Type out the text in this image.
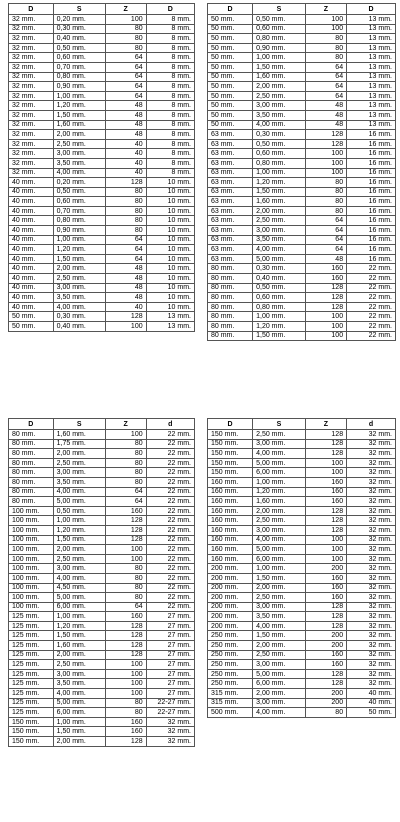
D	S	Z	D
32 mm.	0,20 mm.	100	8 mm.
32 mm.	0,30 mm.	80	8 mm.
32 mm.	0,40 mm.	80	8 mm.
32 mm.	0,50 mm.	80	8 mm.
32 mm.	0,60 mm.	64	8 mm.
32 mm.	0,70 mm.	64	8 mm.
32 mm.	0,80 mm.	64	8 mm.
32 mm.	0,90 mm.	64	8 mm.
32 mm.	1,00 mm.	64	8 mm.
32 mm.	1,20 mm.	48	8 mm.
32 mm.	1,50 mm.	48	8 mm.
32 mm.	1,60 mm.	48	8 mm.
32 mm.	2,00 mm.	48	8 mm.
32 mm.	2,50 mm.	40	8 mm.
32 mm.	3,00 mm.	40	8 mm.
32 mm.	3,50 mm.	40	8 mm.
32 mm.	4,00 mm.	40	8 mm.
40 mm.	0,20 mm.	128	10 mm.
40 mm.	0,50 mm.	80	10 mm.
40 mm.	0,60 mm.	80	10 mm.
40 mm.	0,70 mm.	80	10 mm.
40 mm.	0,80 mm.	80	10 mm.
40 mm.	0,90 mm.	80	10 mm.
40 mm.	1,00 mm.	64	10 mm.
40 mm.	1,20 mm.	64	10 mm.
40 mm.	1,50 mm.	64	10 mm.
40 mm.	2,00 mm.	48	10 mm.
40 mm.	2,50 mm.	48	10 mm.
40 mm.	3,00 mm.	48	10 mm.
40 mm.	3,50 mm.	48	10 mm.
40 mm.	4,00 mm.	40	10 mm.
50 mm.	0,30 mm.	128	13 mm.
50 mm.	0,40 mm.	100	13 mm.
D	S	Z	D
50 mm.	0,50 mm.	100	13 mm.
50 mm.	0,60 mm.	100	13 mm.
50 mm.	0,80 mm.	80	13 mm.
50 mm.	0,90 mm.	80	13 mm.
50 mm.	1,00 mm.	80	13 mm.
50 mm.	1,50 mm.	64	13 mm.
50 mm.	1,60 mm.	64	13 mm.
50 mm.	2,00 mm.	64	13 mm.
50 mm.	2,50 mm.	64	13 mm.
50 mm.	3,00 mm.	48	13 mm.
50 mm.	3,50 mm.	48	13 mm.
50 mm.	4,00 mm.	48	13 mm.
63 mm.	0,30 mm.	128	16 mm.
63 mm.	0,50 mm.	128	16 mm.
63 mm.	0,60 mm.	100	16 mm.
63 mm.	0,80 mm.	100	16 mm.
63 mm.	1,00 mm.	100	16 mm.
63 mm.	1,20 mm.	80	16 mm.
63 mm.	1,50 mm.	80	16 mm.
63 mm.	1,60 mm.	80	16 mm.
63 mm.	2,00 mm.	80	16 mm.
63 mm.	2,50 mm.	64	16 mm.
63 mm.	3,00 mm.	64	16 mm.
63 mm.	3,50 mm.	64	16 mm.
63 mm.	4,00 mm.	64	16 mm.
63 mm.	5,00 mm.	48	16 mm.
80 mm.	0,30 mm.	160	22 mm.
80 mm.	0,40 mm.	160	22 mm.
80 mm.	0,50 mm.	128	22 mm.
80 mm.	0,60 mm.	128	22 mm.
80 mm.	0,80 mm.	128	22 mm.
80 mm.	1,00 mm.	100	22 mm.
80 mm.	1,20 mm.	100	22 mm.
80 mm.	1,50 mm.	100	22 mm.
D	S	Z	d
80 mm.	1,60 mm.	100	22 mm.
80 mm.	1,75 mm.	80	22 mm.
80 mm.	2,00 mm.	80	22 mm.
80 mm.	2,50 mm.	80	22 mm.
80 mm.	3,00 mm.	80	22 mm.
80 mm.	3,50 mm.	80	22 mm.
80 mm.	4,00 mm.	64	22 mm.
80 mm.	5,00 mm.	64	22 mm.
100 mm.	0,50 mm.	160	22 mm.
100 mm.	1,00 mm.	128	22 mm.
100 mm.	1,20 mm.	128	22 mm.
100 mm.	1,50 mm.	128	22 mm.
100 mm.	2,00 mm.	100	22 mm.
100 mm.	2,50 mm.	100	22 mm.
100 mm.	3,00 mm.	80	22 mm.
100 mm.	4,00 mm.	80	22 mm.
100 mm.	4,50 mm.	80	22 mm.
100 mm.	5,00 mm.	80	22 mm.
100 mm.	6,00 mm.	64	22 mm.
125 mm.	1,00 mm.	160	27 mm.
125 mm.	1,20 mm.	128	27 mm.
125 mm.	1,50 mm.	128	27 mm.
125 mm.	1,60 mm.	128	27 mm.
125 mm.	2,00 mm.	128	27 mm.
125 mm.	2,50 mm.	100	27 mm.
125 mm.	3,00 mm.	100	27 mm.
125 mm.	3,50 mm.	100	27 mm.
125 mm.	4,00 mm.	100	27 mm.
125 mm.	5,00 mm.	80	22-27 mm.
125 mm.	6,00 mm.	80	22-27 mm.
150 mm.	1,00 mm.	160	32 mm.
150 mm.	1,50 mm.	160	32 mm.
150 mm.	2,00 mm.	128	32 mm.
D	S	Z	d
150 mm.	2,50 mm.	128	32 mm.
150 mm.	3,00 mm.	128	32 mm.
150 mm.	4,00 mm.	128	32 mm.
150 mm.	5,00 mm.	100	32 mm.
150 mm.	6,00 mm.	100	32 mm.
160 mm.	1,00 mm.	160	32 mm.
160 mm.	1,20 mm.	160	32 mm.
160 mm.	1,60 mm.	160	32 mm.
160 mm.	2,00 mm.	128	32 mm.
160 mm.	2,50 mm.	128	32 mm.
160 mm.	3,00 mm.	128	32 mm.
160 mm.	4,00 mm.	100	32 mm.
160 mm.	5,00 mm.	100	32 mm.
160 mm.	6,00 mm.	100	32 mm.
200 mm.	1,00 mm.	200	32 mm.
200 mm.	1,50 mm.	160	32 mm.
200 mm.	2,00 mm.	160	32 mm.
200 mm.	2,50 mm.	160	32 mm.
200 mm.	3,00 mm.	128	32 mm.
200 mm.	3,50 mm.	128	32 mm.
200 mm.	4,00 mm.	128	32 mm.
250 mm.	1,50 mm.	200	32 mm.
250 mm.	2,00 mm.	200	32 mm.
250 mm.	2,50 mm.	160	32 mm.
250 mm.	3,00 mm.	160	32 mm.
250 mm.	5,00 mm.	128	32 mm.
250 mm.	6,00 mm.	128	32 mm.
315 mm.	2,00 mm.	200	40 mm.
315 mm.	3,00 mm.	200	40 mm.
500 mm.	4,00 mm.	80	50 mm.
